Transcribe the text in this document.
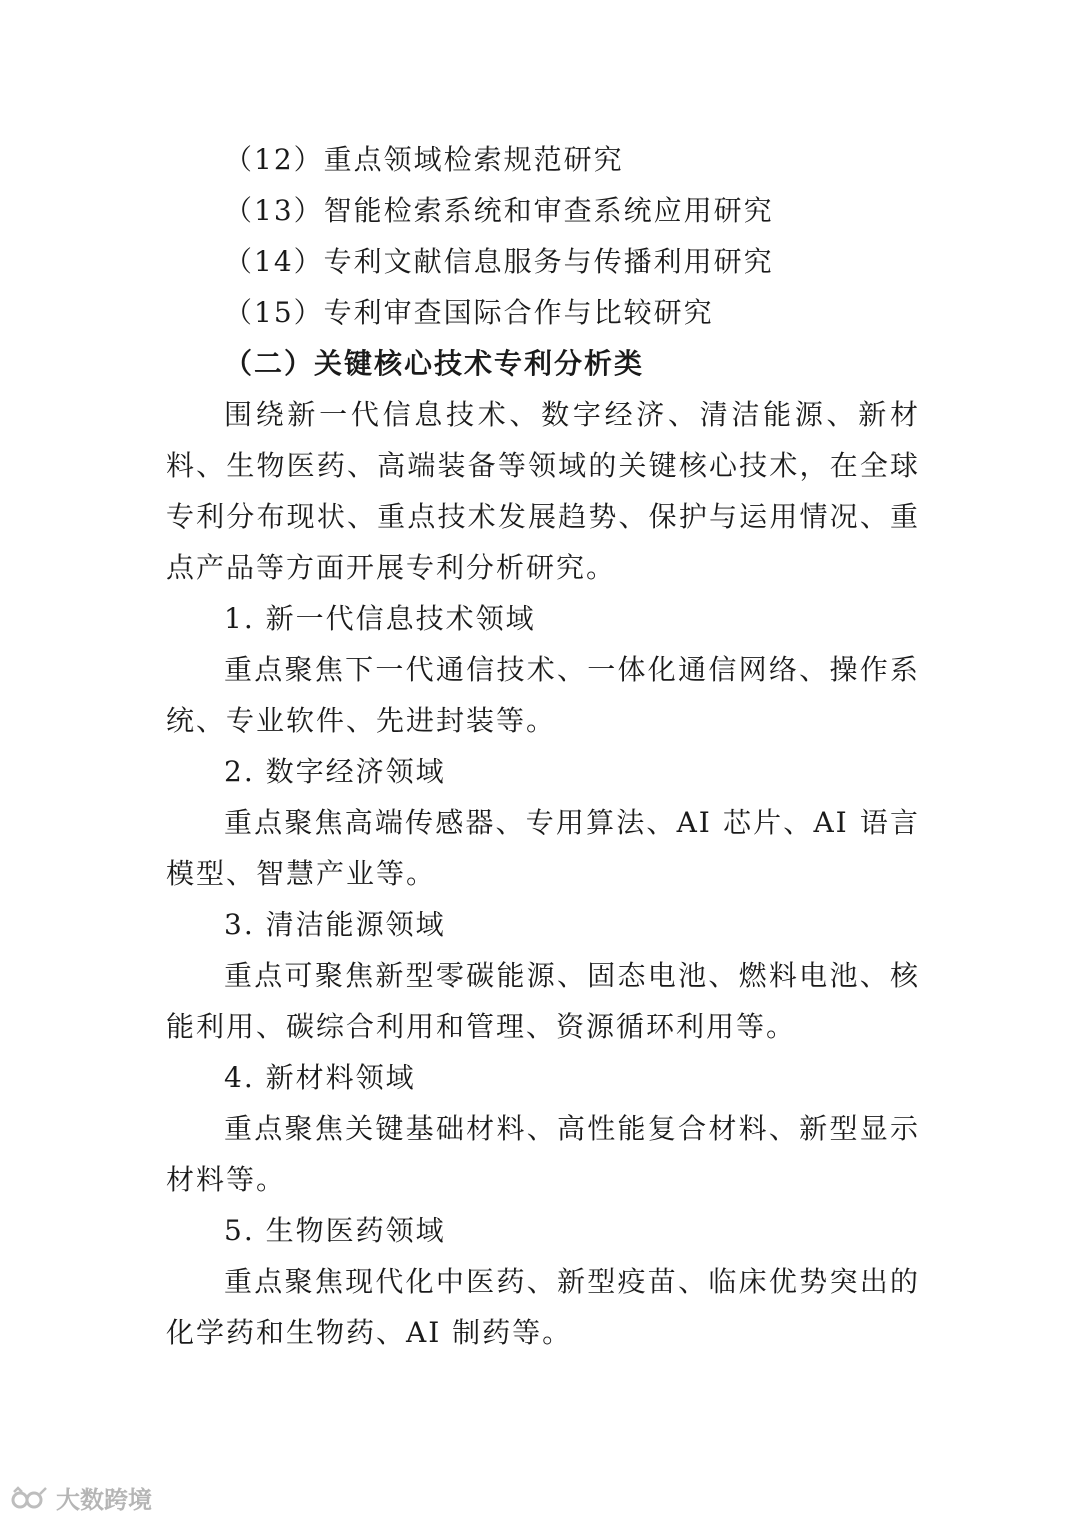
（12）重点领域检索规范研究
（13）智能检索系统和审查系统应用研究
（14）专利文献信息服务与传播利用研究
（15）专利审查国际合作与比较研究
（二）关键核心技术专利分析类

围绕新一代信息技术、数字经济、清洁能源、新材料、生物医药、高端装备等领域的关键核心技术，在全球专利分布现状、重点技术发展趋势、保护与运用情况、重点产品等方面开展专利分析研究。

1. 新一代信息技术领域

重点聚焦下一代通信技术、一体化通信网络、操作系统、专业软件、先进封装等。

2. 数字经济领域

重点聚焦高端传感器、专用算法、AI 芯片、AI 语言模型、智慧产业等。

3. 清洁能源领域

重点可聚焦新型零碳能源、固态电池、燃料电池、核能利用、碳综合利用和管理、资源循环利用等。

4. 新材料领域

重点聚焦关键基础材料、高性能复合材料、新型显示材料等。

5. 生物医药领域

重点聚焦现代化中医药、新型疫苗、临床优势突出的化学药和生物药、AI 制药等。

大数跨境
